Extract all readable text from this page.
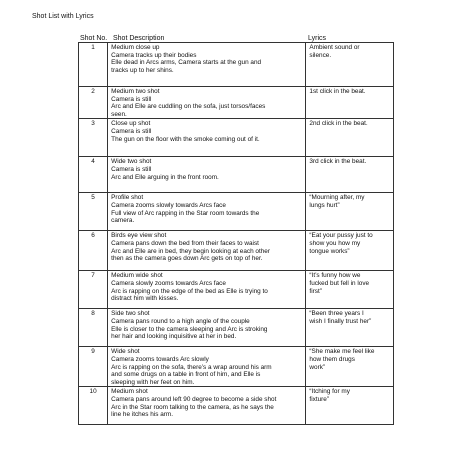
Shot List with Lyrics
Shot No. Shot Description	Lyrics
1	Medium close up
Camera tracks up their bodies
Elle dead in Arcs arms, Camera starts at the gun and
tracks up to her shins.	Ambient sound or
silence.

2	Medium two shot
Camera is still
Arc and Elle are cuddling on the sofa, just torsos/faces
seen.	1st click in the beat.

3	Close up shot
Camera is still
The gun on the floor with the smoke coming out of it.	2nd click in the beat.

4	Wide two shot
Camera is still
Arc and Elle arguing in the front room.	3rd click in the beat.

5	Profile shot
Camera zooms slowly towards Arcs face
Full view of Arc rapping in the Star room towards the
camera.	“Mourning after, my
lungs hurt”

6	Birds eye view shot
Camera pans down the bed from their faces to waist
Arc and Elle are in bed, they begin looking at each other
then as the camera goes down Arc gets on top of her.	“Eat your pussy just to
show you how my
tongue works”

7	Medium wide shot
Camera slowly zooms towards Arcs face
Arc is rapping on the edge of the bed as Elle is trying to
distract him with kisses.	“It’s funny how we
fucked but fell in love
first”

8	Side two shot
Camera pans round to a high angle of the couple
Elle is closer to the camera sleeping and Arc is stroking
her hair and looking inquisitive at her in bed.	“Been three years I
wish I finally trust her”

9	Wide shot
Camera zooms towards Arc slowly
Arc is rapping on the sofa, there’s a wrap around his arm
and some drugs on a table in front of him, and Elle is
sleeping with her feet on him.	“She make me feel like
how them drugs
work”

10	Medium shot
Camera pans around left 90 degree to become a side shot
Arc in the Star room talking to the camera, as he says the
line he itches his arm.	“Itching for my
fixture”
